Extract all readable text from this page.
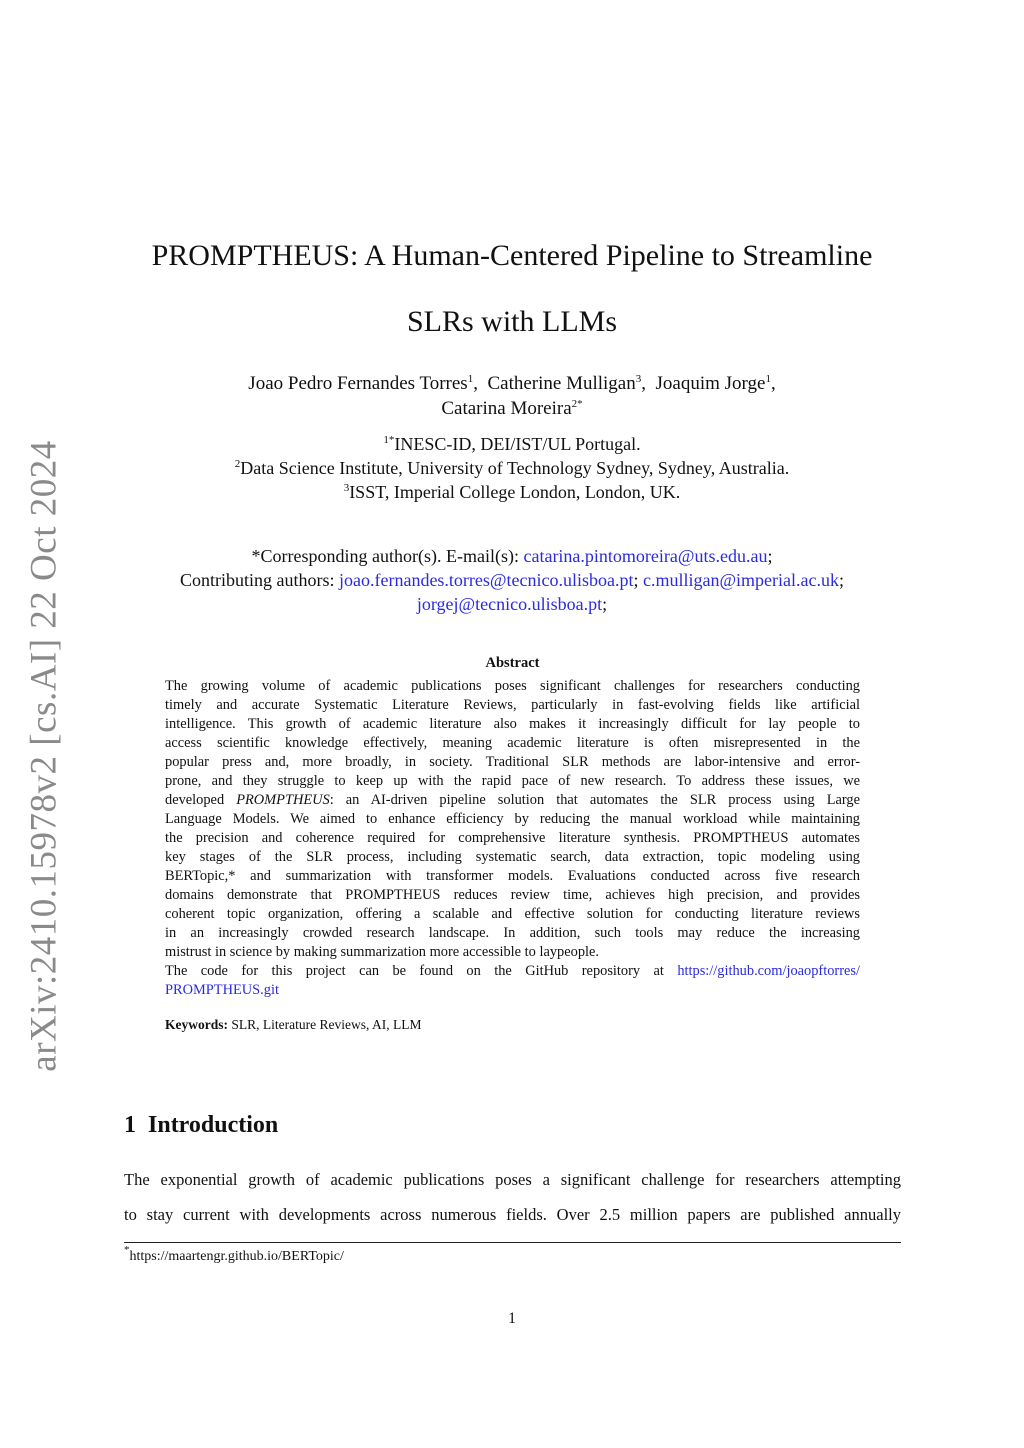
arXiv:2410.15978v2 [cs.AI] 22 Oct 2024
PROMPTHEUS: A Human-Centered Pipeline to Streamline
SLRs with LLMs
Joao Pedro Fernandes Torres$^1$,  Catherine Mulligan$^3$,  Joaquim Jorge$^1$,
Catarina Moreira$^{2*}$
$^{1*}$INESC-ID, DEI/IST/UL Portugal.
$^2$Data Science Institute, University of Technology Sydney, Sydney, Australia.
$^3$ISST, Imperial College London, London, UK.
*Corresponding author(s). E-mail(s): catarina.pintomoreira@uts.edu.au;
Contributing authors: joao.fernandes.torres@tecnico.ulisboa.pt; c.mulligan@imperial.ac.uk;
jorgej@tecnico.ulisboa.pt;
Abstract
The growing volume of academic publications poses significant challenges for researchers conducting
timely and accurate Systematic Literature Reviews, particularly in fast-evolving fields like artificial
intelligence. This growth of academic literature also makes it increasingly difficult for lay people to
access scientific knowledge effectively, meaning academic literature is often misrepresented in the
popular press and, more broadly, in society. Traditional SLR methods are labor-intensive and error-
prone, and they struggle to keep up with the rapid pace of new research. To address these issues, we
developed PROMPTHEUS: an AI-driven pipeline solution that automates the SLR process using Large
Language Models. We aimed to enhance efficiency by reducing the manual workload while maintaining
the precision and coherence required for comprehensive literature synthesis. PROMPTHEUS automates
key stages of the SLR process, including systematic search, data extraction, topic modeling using
BERTopic,* and summarization with transformer models. Evaluations conducted across five research
domains demonstrate that PROMPTHEUS reduces review time, achieves high precision, and provides
coherent topic organization, offering a scalable and effective solution for conducting literature reviews
in an increasingly crowded research landscape. In addition, such tools may reduce the increasing
mistrust in science by making summarization more accessible to laypeople.
The code for this project can be found on the GitHub repository at https://github.com/joaopftorres/
PROMPTHEUS.git
Keywords: SLR, Literature Reviews, AI, LLM
1 Introduction
The exponential growth of academic publications poses a significant challenge for researchers attempting
to stay current with developments across numerous fields. Over 2.5 million papers are published annually
*https://maartengr.github.io/BERTopic/
1
